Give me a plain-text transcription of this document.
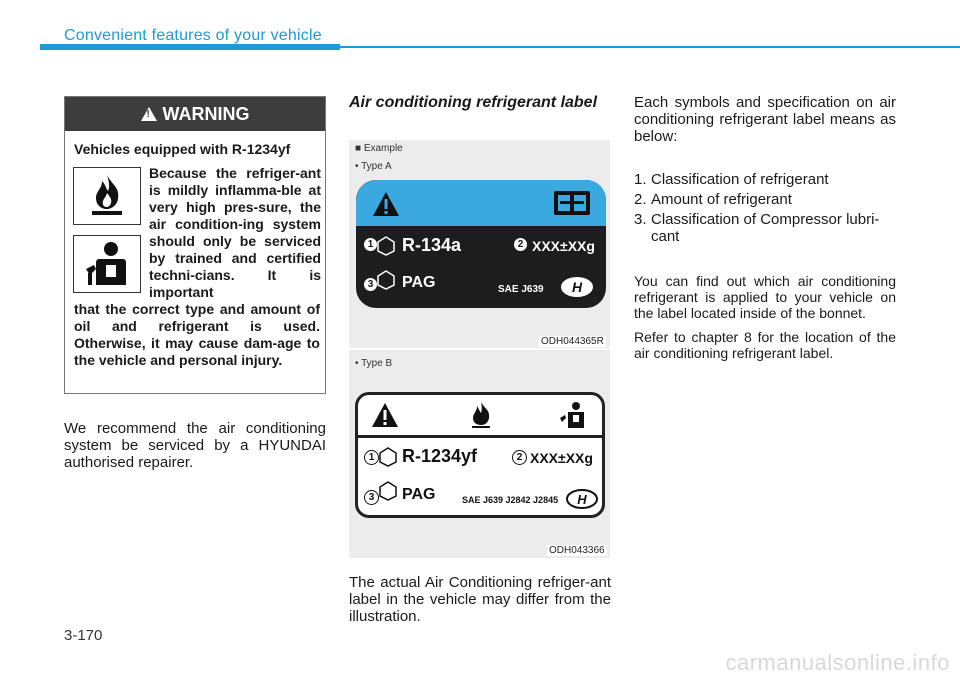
Convenient features of your vehicle
!
WARNING
Vehicles equipped with R-1234yf
Because the refriger-ant is mildly inflamma-ble at very high pres-sure, the air condition-ing system should only be serviced by trained and certified techni-cians. It is important
that the correct type and amount of oil and refrigerant is used. Otherwise, it may cause dam-age to the vehicle and personal injury.
We recommend the air conditioning system be serviced by a HYUNDAI authorised repairer.
Air conditioning refrigerant label
■ Example
• Type A
1 R-134a	2 XXX±XXg
3 PAG	SAE J639 H
ODH044365R
• Type B
1 R-1234yf	2 XXX±XXg
3 PAG	SAE J639 J2842 J2845 H
ODH043366
The actual Air Conditioning refriger-ant label in the vehicle may differ from the illustration.
Each symbols and specification on air conditioning refrigerant label means as below:
1. Classification of refrigerant
2. Amount of refrigerant
3. Classification of Compressor lubri-cant
You can find out which air conditioning refrigerant is applied to your vehicle on the label located inside of the bonnet.
Refer to chapter 8 for the location of the air conditioning refrigerant label.
3-170
carmanualsonline.info
